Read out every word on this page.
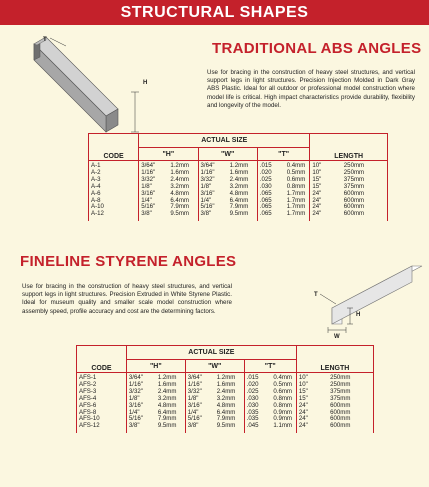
STRUCTURAL SHAPES
T
H
TRADITIONAL ABS ANGLES
Use for bracing in the construction of heavy steel structures, and vertical support legs in light structures. Precision Injection Molded in Dark Gray ABS Plastic. Ideal for all outdoor or professional model construction where model life is critical. High impact characteristics provide durability, flexibility and longevity of the model.
CODE	ACTUAL SIZE						LENGTH	
	"H"		"W"		"T"			
A-1	3/64"	1.2mm	3/64"	1.2mm	.015	0.4mm	10"	250mm
A-2	1/16"	1.6mm	1/16"	1.6mm	.020	0.5mm	10"	250mm
A-3	3/32"	2.4mm	3/32"	2.4mm	.025	0.6mm	15"	375mm
A-4	1/8"	3.2mm	1/8"	3.2mm	.030	0.8mm	15"	375mm
A-6	3/16"	4.8mm	3/16"	4.8mm	.065	1.7mm	24"	600mm
A-8	1/4"	6.4mm	1/4"	6.4mm	.065	1.7mm	24"	600mm
A-10	5/16"	7.9mm	5/16"	7.9mm	.065	1.7mm	24"	600mm
A-12	3/8"	9.5mm	3/8"	9.5mm	.065	1.7mm	24"	600mm
T
H
W
FINELINE STYRENE ANGLES
Use for bracing in the construction of heavy steel structures, and vertical support legs in light structures. Precision Extruded in White Styrene Plastic. Ideal for museum quality and smaller scale model construction where assembly speed, profile accuracy and cost are the determining factors.
CODE	ACTUAL SIZE						LENGTH	
	"H"		"W"		"T"			
AFS-1	3/64"	1.2mm	3/64"	1.2mm	.015	0.4mm	10"	250mm
AFS-2	1/16"	1.6mm	1/16"	1.6mm	.020	0.5mm	10"	250mm
AFS-3	3/32"	2.4mm	3/32"	2.4mm	.025	0.6mm	15"	375mm
AFS-4	1/8"	3.2mm	1/8"	3.2mm	.030	0.8mm	15"	375mm
AFS-6	3/16"	4.8mm	3/16"	4.8mm	.030	0.8mm	24"	600mm
AFS-8	1/4"	6.4mm	1/4"	6.4mm	.035	0.9mm	24"	600mm
AFS-10	5/16"	7.9mm	5/16"	7.9mm	.035	0.9mm	24"	600mm
AFS-12	3/8"	9.5mm	3/8"	9.5mm	.045	1.1mm	24"	600mm
